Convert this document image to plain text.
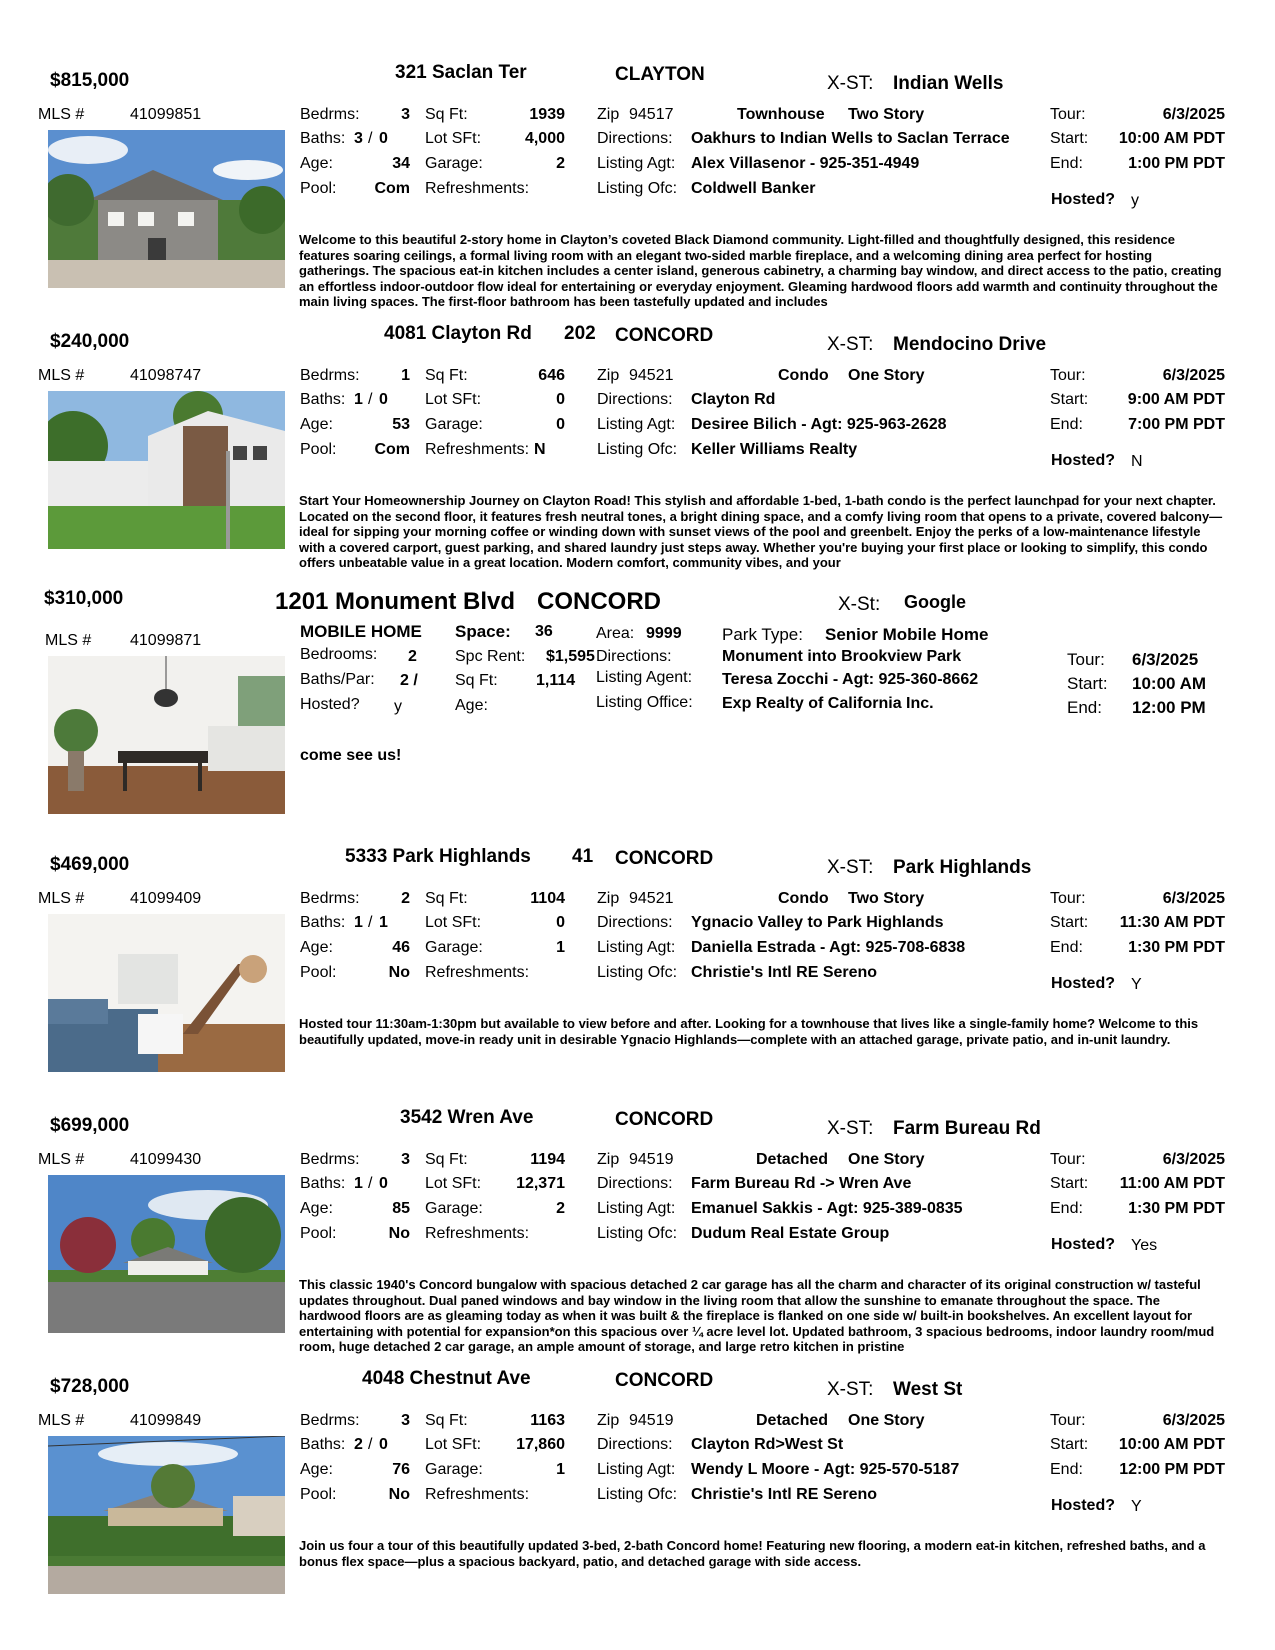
$815,000	321 Saclan Ter	CLAYTON	X-ST: Indian Wells
MLS #	41099851	Bedrms:	3 Sq Ft:	1939
Baths: 3 / 0 Lot SFt:	4,000
Age:	34 Garage:	2
Pool:	Com Refreshments:
Zip 94517	Townhouse Two Story
Directions: Oakhurs to Indian Wells to Saclan Terrace
Listing Agt: Alex Villasenor - 925-351-4949
Listing Ofc: Coldwell Banker
Tour:	6/3/2025
Start:	10:00 AM PDT
End:	1:00 PM PDT
Hosted? y
Welcome to this beautiful 2-story home in Clayton’s coveted Black Diamond community. Light-filled and thoughtfully designed, this residence features soaring ceilings, a formal living room with an elegant two-sided marble fireplace, and a welcoming dining area perfect for hosting gatherings. The spacious eat-in kitchen includes a center island, generous cabinetry, a charming bay window, and direct access to the patio, creating an effortless indoor-outdoor flow ideal for entertaining or everyday enjoyment. Gleaming hardwood floors add warmth and continuity throughout the main living spaces. The first-floor bathroom has been tastefully updated and includes
$240,000	4081 Clayton Rd 202 CONCORD	X-ST: Mendocino Drive
MLS #	41098747	Bedrms:	1 Sq Ft:	646
Baths: 1 / 0 Lot SFt:	0
Age:	53 Garage:	0
Pool:	Com Refreshments: N
Zip 94521	Condo One Story
Directions: Clayton Rd
Listing Agt: Desiree Bilich - Agt: 925-963-2628
Listing Ofc: Keller Williams Realty
Tour:	6/3/2025
Start:	9:00 AM PDT
End:	7:00 PM PDT
Hosted? N
Start Your Homeownership Journey on Clayton Road! This stylish and affordable 1-bed, 1-bath condo is the perfect launchpad for your next chapter. Located on the second floor, it features fresh neutral tones, a bright dining space, and a comfy living room that opens to a private, covered balcony—ideal for sipping your morning coffee or winding down with sunset views of the pool and greenbelt. Enjoy the perks of a low-maintenance lifestyle with a covered carport, guest parking, and shared laundry just steps away. Whether you're buying your first place or looking to simplify, this condo offers unbeatable value in a great location. Modern comfort, community vibes, and your
$310,000	1201 Monument Blvd CONCORD	X-St: Google
MLS # 41099871	MOBILE HOME Space: 36	Area: 9999 Park Type: Senior Mobile Home
Bedrooms: 2 Spc Rent: $1,595 Directions:	Monument into Brookview Park
Baths/Par: 2 / Sq Ft: 1,114 Listing Agent: Teresa Zocchi - Agt: 925-360-8662
Hosted? y	Age:	Listing Office: Exp Realty of California Inc.
Tour: 6/3/2025
Start: 10:00 AM
End: 12:00 PM
come see us!
$469,000	5333 Park Highlands 41 CONCORD	X-ST: Park Highlands
MLS #	41099409	Bedrms:	2 Sq Ft:	1104
Baths: 1 / 1 Lot SFt:	0
Age:	46 Garage:	1
Pool:	No Refreshments:
Zip 94521	Condo Two Story
Directions: Ygnacio Valley to Park Highlands
Listing Agt: Daniella Estrada - Agt: 925-708-6838
Listing Ofc: Christie's Intl RE Sereno
Tour:	6/3/2025
Start:	11:30 AM PDT
End:	1:30 PM PDT
Hosted? Y
Hosted tour 11:30am-1:30pm but available to view before and after. Looking for a townhouse that lives like a single-family home? Welcome to this beautifully updated, move-in ready unit in desirable Ygnacio Highlands—complete with an attached garage, private patio, and in-unit laundry.
$699,000	3542 Wren Ave	CONCORD	X-ST: Farm Bureau Rd
MLS #	41099430	Bedrms:	3 Sq Ft:	1194
Baths: 1 / 0 Lot SFt:	12,371
Age:	85 Garage:	2
Pool:	No Refreshments:
Zip 94519	Detached One Story
Directions: Farm Bureau Rd -> Wren Ave
Listing Agt: Emanuel Sakkis - Agt: 925-389-0835
Listing Ofc: Dudum Real Estate Group
Tour:	6/3/2025
Start:	11:00 AM PDT
End:	1:30 PM PDT
Hosted? Yes
This classic 1940's Concord bungalow with spacious detached 2 car garage has all the charm and character of its original construction w/ tasteful updates throughout. Dual paned windows and bay window in the living room that allow the sunshine to emanate throughout the space. The hardwood floors are as gleaming today as when it was built & the fireplace is flanked on one side w/ built-in bookshelves. An excellent layout for entertaining with potential for expansion*on this spacious over ¼ acre level lot. Updated bathroom, 3 spacious bedrooms, indoor laundry room/mud room, huge detached 2 car garage, an ample amount of storage, and large retro kitchen in pristine
$728,000	4048 Chestnut Ave	CONCORD	X-ST: West St
MLS #	41099849	Bedrms:	3 Sq Ft:	1163
Baths: 2 / 0 Lot SFt:	17,860
Age:	76 Garage:	1
Pool:	No Refreshments:
Zip 94519	Detached One Story
Directions: Clayton Rd>West St
Listing Agt: Wendy L Moore - Agt: 925-570-5187
Listing Ofc: Christie's Intl RE Sereno
Tour:	6/3/2025
Start:	10:00 AM PDT
End:	12:00 PM PDT
Hosted? Y
Join us four a tour of this beautifully updated 3-bed, 2-bath Concord home! Featuring new flooring, a modern eat-in kitchen, refreshed baths, and a bonus flex space—plus a spacious backyard, patio, and detached garage with side access.
